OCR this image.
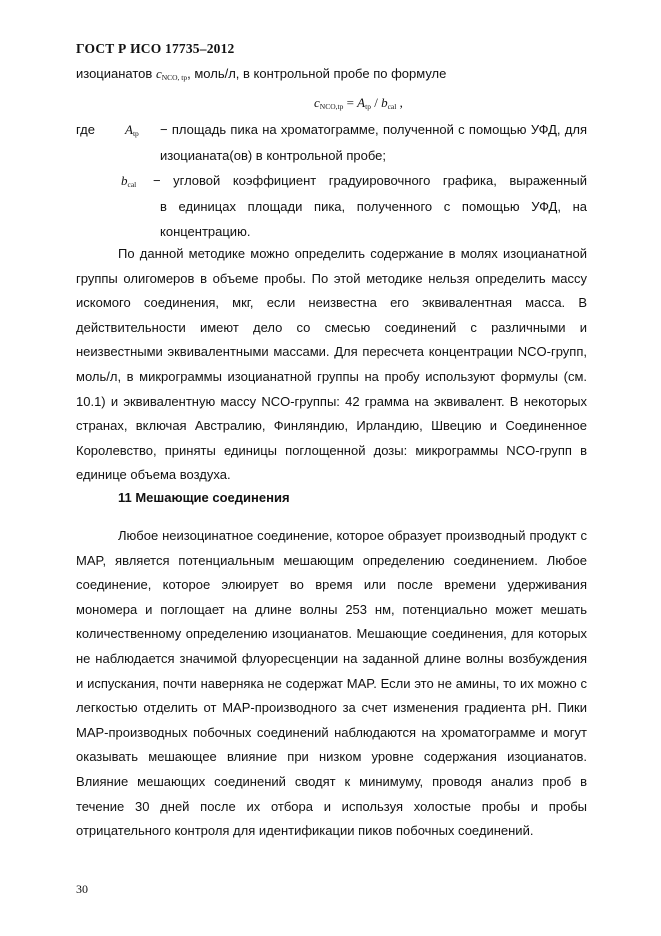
ГОСТ Р ИСО 17735–2012
изоцианатов $c_{NCO, tp}$, моль/л, в контрольной пробе по формуле
$c_{NCO,tp} = A_{tp} / b_{cal}$ ,
где $A_{tp}$ − площадь пика на хроматограмме, полученной с помощью УФД, для
изоцианата(ов) в контрольной пробе;
$b_{cal}$ − угловой коэффициент градуировочного графика, выраженный
в единицах площади пика, полученного с помощью УФД, на
концентрацию.
По данной методике можно определить содержание в молях изоцианатной группы олигомеров в объеме пробы. По этой методике нельзя определить массу искомого соединения, мкг, если неизвестна его эквивалентная масса. В действительности имеют дело со смесью соединений с различными и неизвестными эквивалентными массами. Для пересчета концентрации NCO-групп, моль/л, в микрограммы изоцианатной группы на пробу используют формулы (см. 10.1) и эквивалентную массу NCO-группы: 42 грамма на эквивалент. В некоторых странах, включая Австралию, Финляндию, Ирландию, Швецию и Соединенное Королевство, приняты единицы поглощенной дозы: микрограммы NCO-групп в единице объема воздуха.
11 Мешающие соединения
Любое неизоцинатное соединение, которое образует производный продукт с MAP, является потенциальным мешающим определению соединением. Любое соединение, которое элюирует во время или после времени удерживания мономера и поглощает на длине волны 253 нм, потенциально может мешать количественному определению изоцианатов. Мешающие соединения, для которых не наблюдается значимой флуоресценции на заданной длине волны возбуждения и испускания, почти наверняка не содержат MAP. Если это не амины, то их можно с легкостью отделить от MAP-производного за счет изменения градиента pH. Пики MAP-производных побочных соединений наблюдаются на хроматограмме и могут оказывать мешающее влияние при низком уровне содержания изоцианатов. Влияние мешающих соединений сводят к минимуму, проводя анализ проб в течение 30 дней после их отбора и используя холостые пробы и пробы отрицательного контроля для идентификации пиков побочных соединений.
30
